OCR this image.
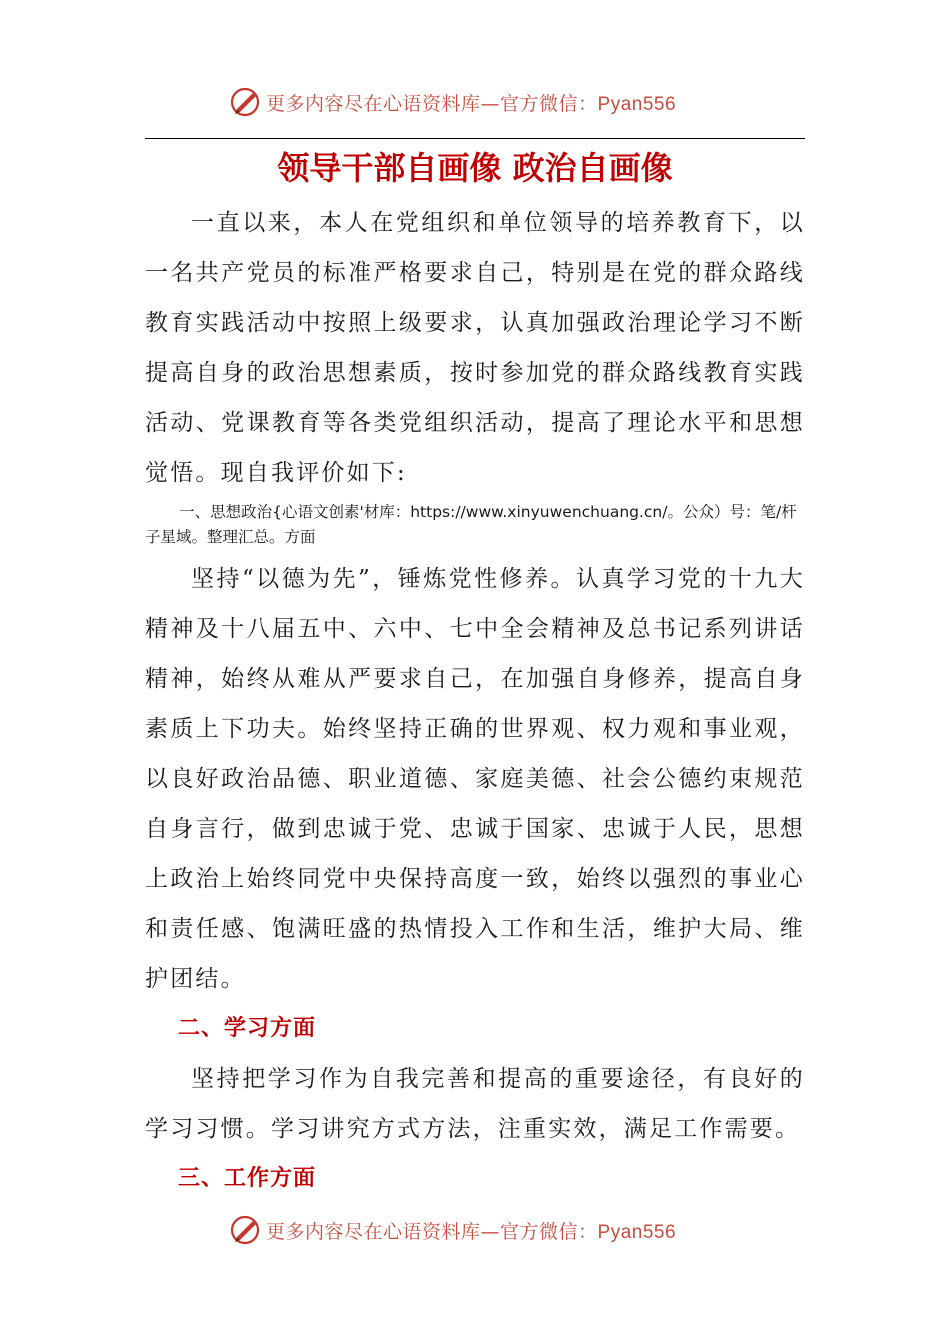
更多内容尽在心语资料库—官方微信：Pyan556
领导干部自画像 政治自画像

一直以来，本人在党组织和单位领导的培养教育下，以一名共产党员的标准严格要求自己，特别是在党的群众路线教育实践活动中按照上级要求，认真加强政治理论学习不断提高自身的政治思想素质，按时参加党的群众路线教育实践活动、党课教育等各类党组织活动，提高了理论水平和思想觉悟。现自我评价如下:

一、思想政治{心语文创素'材库：https://www.xinyuwenchuang.cn/。公众）号：笔/杆子星域。整理汇总。方面

坚持“以德为先”，锤炼党性修养。认真学习党的十九大精神及十八届五中、六中、七中全会精神及总书记系列讲话精神，始终从难从严要求自己，在加强自身修养，提高自身素质上下功夫。始终坚持正确的世界观、权力观和事业观，以良好政治品德、职业道德、家庭美德、社会公德约束规范自身言行，做到忠诚于党、忠诚于国家、忠诚于人民，思想上政治上始终同党中央保持高度一致，始终以强烈的事业心和责任感、饱满旺盛的热情投入工作和生活，维护大局、维护团结。

二、学习方面

坚持把学习作为自我完善和提高的重要途径，有良好的学习习惯。学习讲究方式方法，注重实效，满足工作需要。

三、工作方面

更多内容尽在心语资料库—官方微信：Pyan556
